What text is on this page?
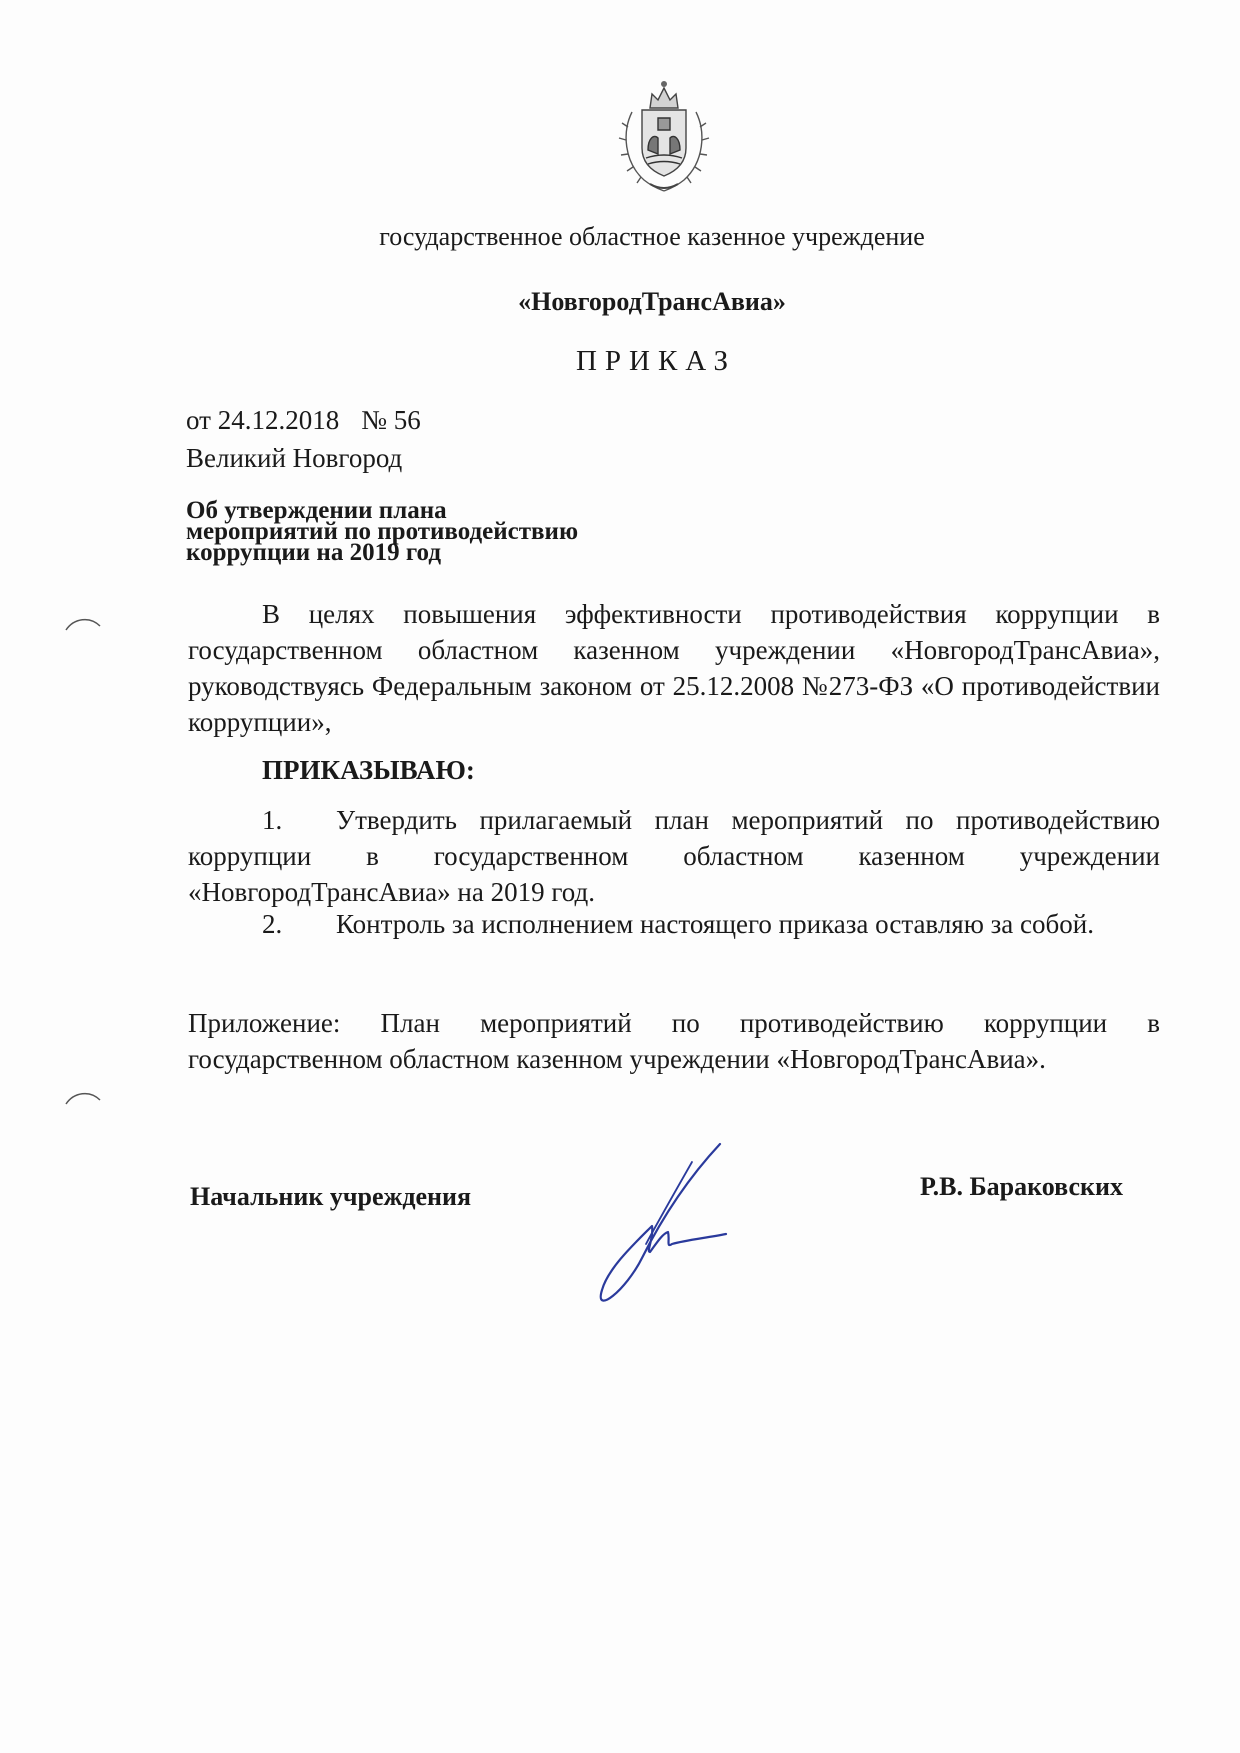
государственное областное казенное учреждение
«НовгородТрансАвиа»
ПРИКАЗ
от 24.12.2018 № 56
Великий Новгород
Об утверждении плана
мероприятий по противодействию
коррупции на 2019 год
В целях повышения эффективности противодействия коррупции в государственном областном казенном учреждении «НовгородТрансАвиа», руководствуясь Федеральным законом от 25.12.2008 №273-ФЗ «О противодействии коррупции»,
ПРИКАЗЫВАЮ:
1. Утвердить прилагаемый план мероприятий по противодействию коррупции в государственном областном казенном учреждении «НовгородТрансАвиа» на 2019 год.
2. Контроль за исполнением настоящего приказа оставляю за собой.
Приложение: План мероприятий по противодействию коррупции в государственном областном казенном учреждении «НовгородТрансАвиа».
Начальник учреждения	Р.В. Бараковских
